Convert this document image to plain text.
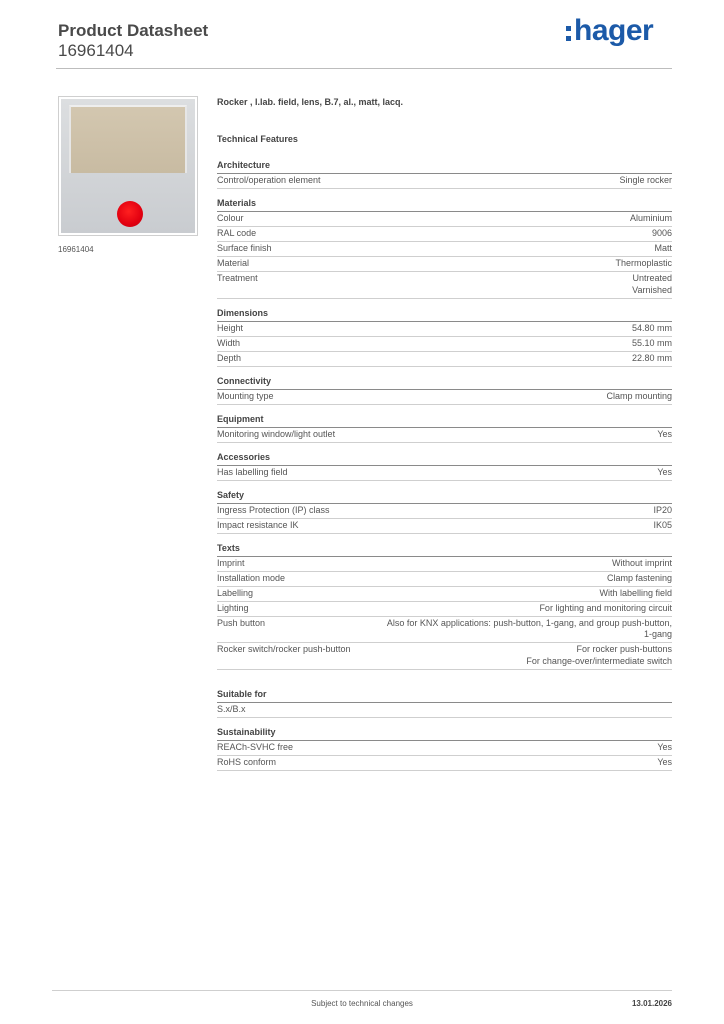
Product Datasheet
16961404
hager
16961404
Rocker , l.lab. field, lens, B.7, al., matt, lacq.
Technical Features
Architecture
Control/operation element	Single rocker
Materials
Colour	Aluminium
RAL code	9006
Surface finish	Matt
Material	Thermoplastic
Treatment	Untreated
Varnished
Dimensions
Height	54.80 mm
Width	55.10 mm
Depth	22.80 mm
Connectivity
Mounting type	Clamp mounting
Equipment
Monitoring window/light outlet	Yes
Accessories
Has labelling field	Yes
Safety
Ingress Protection (IP) class	IP20
Impact resistance IK	IK05
Texts
Imprint	Without imprint
Installation mode	Clamp fastening
Labelling	With labelling field
Lighting	For lighting and monitoring circuit
Push button	Also for KNX applications: push-button, 1-gang, and group push-button,
1-gang
Rocker switch/rocker push-button	For rocker push-buttons
For change-over/intermediate switch
Suitable for
S.x/B.x

Sustainability
REACh-SVHC free	Yes
RoHS conform	Yes
Subject to technical changes	13.01.2026
